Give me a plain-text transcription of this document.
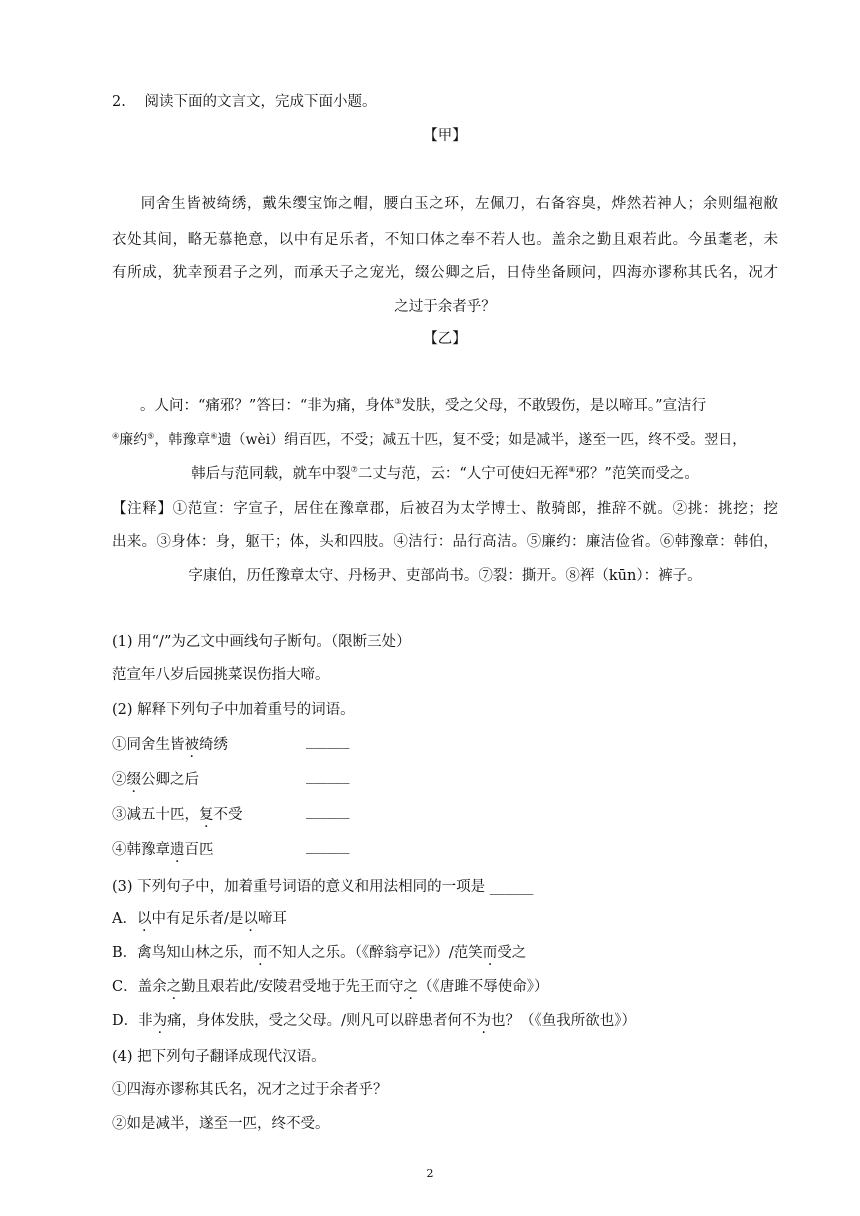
2. 阅读下面的文言文，完成下面小题。
【甲】
同舍生皆被绮绣，戴朱缨宝饰之帽，腰白玉之环，左佩刀，右备容臭，烨然若神人；余则缊袍敝
衣处其间，略无慕艳意，以中有足乐者，不知口体之奉不若人也。盖余之勤且艰若此。今虽耄老，未
有所成，犹幸预君子之列，而承天子之宠光，缀公卿之后，日侍坐备顾问，四海亦谬称其氏名，况才
之过于余者乎？
【乙】
。人问：“痛邪？”答曰：“非为痛，身体③发肤，受之父母，不敢毁伤，是以啼耳。”宣洁行
④廉约⑤，韩豫章⑥遗（wèi）绢百匹，不受；减五十匹，复不受；如是减半，遂至一匹，终不受。翌日，
韩后与范同载，就车中裂⑦二丈与范，云：“人宁可使妇无裈⑧邪？”范笑而受之。
【注释】①范宣：字宣子，居住在豫章郡，后被召为太学博士、散骑郎，推辞不就。②挑：挑挖；挖
出来。③身体：身，躯干；体，头和四肢。④洁行：品行高洁。⑤廉约：廉洁俭省。⑥韩豫章：韩伯，
字康伯，历任豫章太守、丹杨尹、吏部尚书。⑦裂：撕开。⑧裈（kūn）：裤子。
(1) 用“/”为乙文中画线句子断句。（限断三处）
范宣年八岁后园挑菜误伤指大啼。
(2) 解释下列句子中加着重号的词语。
①同舍生皆被绮绣	______
②缀公卿之后	______
③减五十匹，复不受	______
④韩豫章遗百匹	______
(3) 下列句子中，加着重号词语的意义和用法相同的一项是 ______
A．以中有足乐者/是以啼耳
B．禽鸟知山林之乐，而不知人之乐。（《醉翁亭记》）/范笑而受之
C．盖余之勤且艰若此/安陵君受地于先王而守之（《唐雎不辱使命》）
D．非为痛，身体发肤，受之父母。/则凡可以辟患者何不为也？（《鱼我所欲也》）
(4) 把下列句子翻译成现代汉语。
①四海亦谬称其氏名，况才之过于余者乎？
②如是减半，遂至一匹，终不受。
2
